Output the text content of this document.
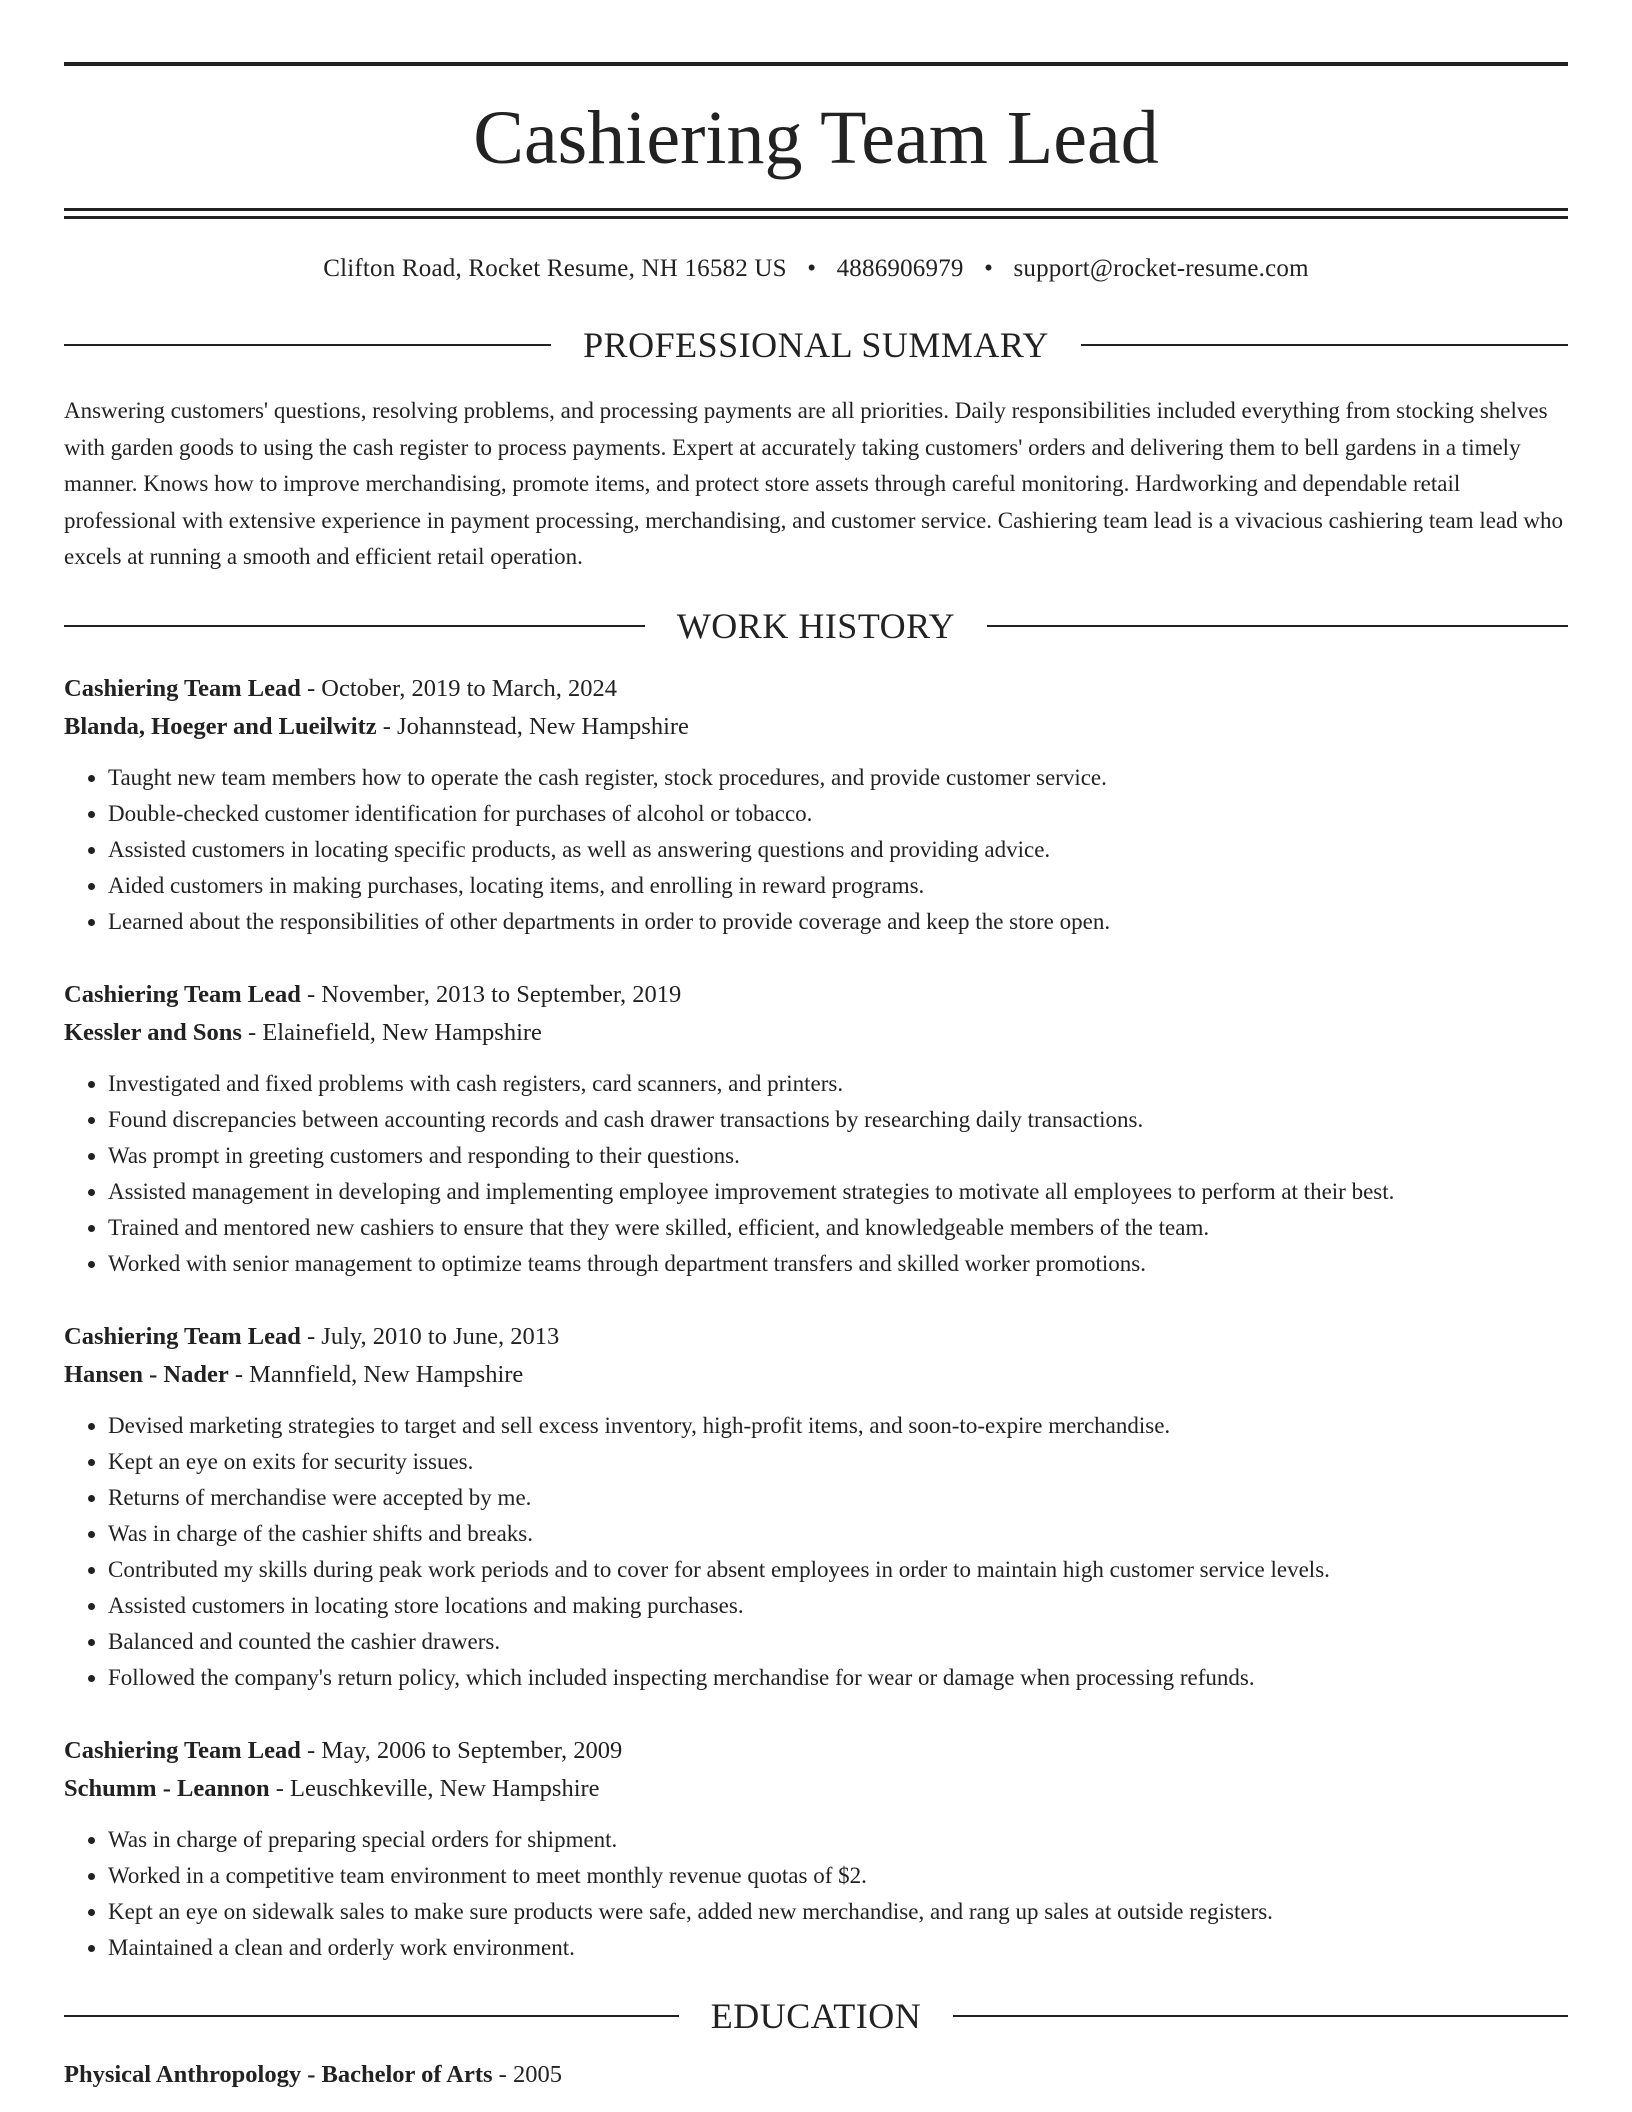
Cashiering Team Lead
Clifton Road, Rocket Resume, NH 16582 US • 4886906979 • support@rocket-resume.com
PROFESSIONAL SUMMARY
Answering customers' questions, resolving problems, and processing payments are all priorities. Daily responsibilities included everything from stocking shelves with garden goods to using the cash register to process payments. Expert at accurately taking customers' orders and delivering them to bell gardens in a timely manner. Knows how to improve merchandising, promote items, and protect store assets through careful monitoring. Hardworking and dependable retail professional with extensive experience in payment processing, merchandising, and customer service. Cashiering team lead is a vivacious cashiering team lead who excels at running a smooth and efficient retail operation.
WORK HISTORY
Cashiering Team Lead - October, 2019 to March, 2024
Blanda, Hoeger and Lueilwitz - Johannstead, New Hampshire
• Taught new team members how to operate the cash register, stock procedures, and provide customer service.
• Double-checked customer identification for purchases of alcohol or tobacco.
• Assisted customers in locating specific products, as well as answering questions and providing advice.
• Aided customers in making purchases, locating items, and enrolling in reward programs.
• Learned about the responsibilities of other departments in order to provide coverage and keep the store open.
Cashiering Team Lead - November, 2013 to September, 2019
Kessler and Sons - Elainefield, New Hampshire
• Investigated and fixed problems with cash registers, card scanners, and printers.
• Found discrepancies between accounting records and cash drawer transactions by researching daily transactions.
• Was prompt in greeting customers and responding to their questions.
• Assisted management in developing and implementing employee improvement strategies to motivate all employees to perform at their best.
• Trained and mentored new cashiers to ensure that they were skilled, efficient, and knowledgeable members of the team.
• Worked with senior management to optimize teams through department transfers and skilled worker promotions.
Cashiering Team Lead - July, 2010 to June, 2013
Hansen - Nader - Mannfield, New Hampshire
• Devised marketing strategies to target and sell excess inventory, high-profit items, and soon-to-expire merchandise.
• Kept an eye on exits for security issues.
• Returns of merchandise were accepted by me.
• Was in charge of the cashier shifts and breaks.
• Contributed my skills during peak work periods and to cover for absent employees in order to maintain high customer service levels.
• Assisted customers in locating store locations and making purchases.
• Balanced and counted the cashier drawers.
• Followed the company's return policy, which included inspecting merchandise for wear or damage when processing refunds.
Cashiering Team Lead - May, 2006 to September, 2009
Schumm - Leannon - Leuschkeville, New Hampshire
• Was in charge of preparing special orders for shipment.
• Worked in a competitive team environment to meet monthly revenue quotas of $2.
• Kept an eye on sidewalk sales to make sure products were safe, added new merchandise, and rang up sales at outside registers.
• Maintained a clean and orderly work environment.
EDUCATION
Physical Anthropology - Bachelor of Arts - 2005
